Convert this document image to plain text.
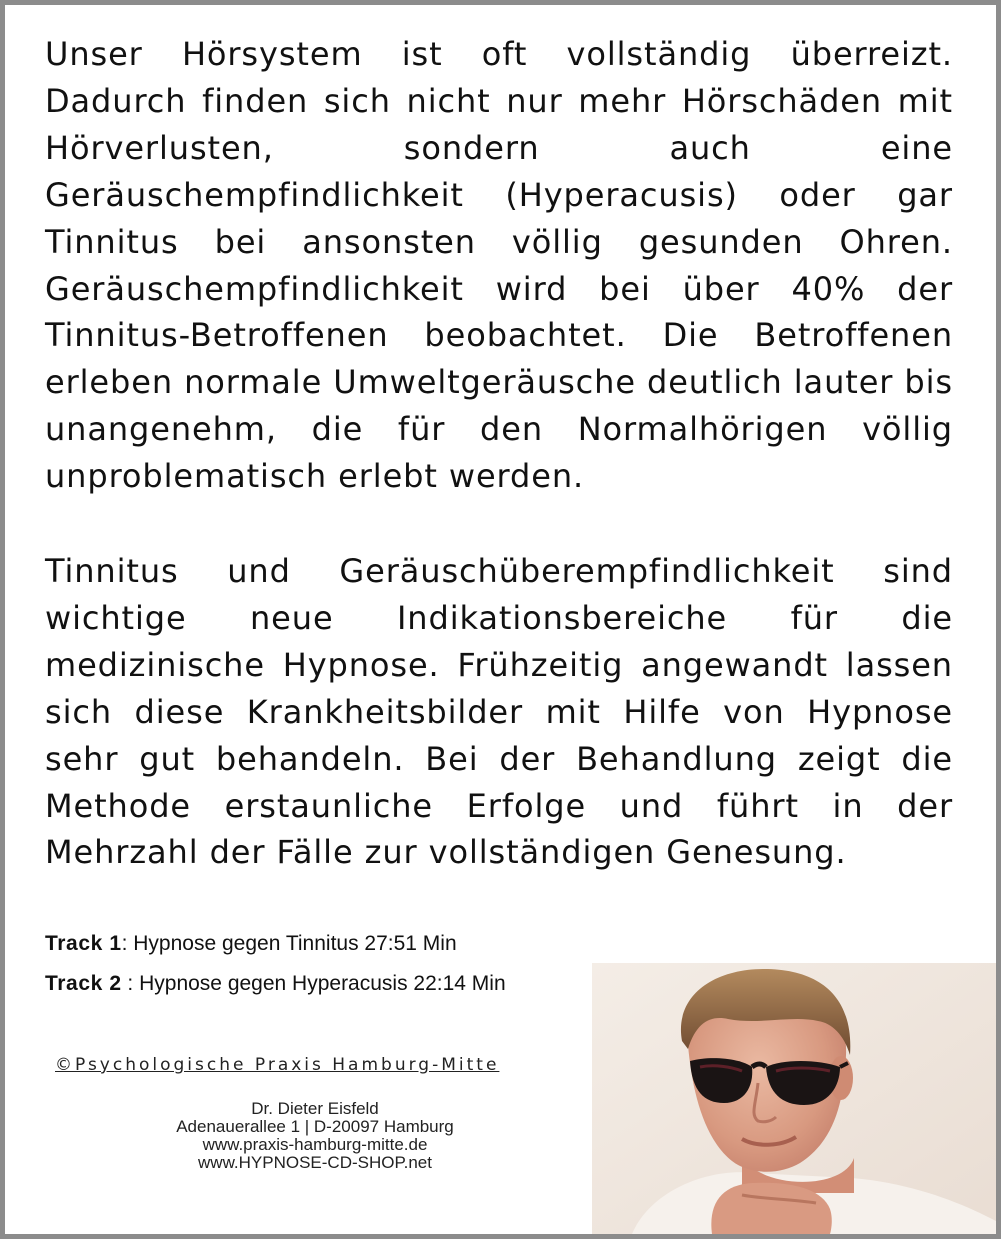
Unser Hörsystem ist oft vollständig überreizt. Dadurch finden sich nicht nur mehr Hörschäden mit Hörverlusten, sondern auch eine Geräuschempfindlichkeit (Hyperacusis) oder gar Tinnitus bei ansonsten völlig gesunden Ohren. Geräuschempfindlichkeit wird bei über 40% der Tinnitus-Betroffenen beobachtet. Die Betroffenen erleben normale Umweltgeräusche deutlich lauter bis unangenehm, die für den Normalhörigen völlig unproblematisch erlebt werden.

Tinnitus und Geräuschüberempfindlichkeit sind wichtige neue Indikationsbereiche für die medizinische Hypnose. Frühzeitig angewandt lassen sich diese Krankheitsbilder mit Hilfe von Hypnose sehr gut behandeln. Bei der Behandlung zeigt die Methode erstaunliche Erfolge und führt in der Mehrzahl der Fälle zur vollständigen Genesung.

Track 1: Hypnose gegen Tinnitus 27:51 Min
Track 2 : Hypnose gegen Hyperacusis 22:14 Min
©Psychologische Praxis Hamburg-Mitte
Dr. Dieter Eisfeld
Adenauerallee 1 | D-20097 Hamburg
www.praxis-hamburg-mitte.de
www.HYPNOSE-CD-SHOP.net
